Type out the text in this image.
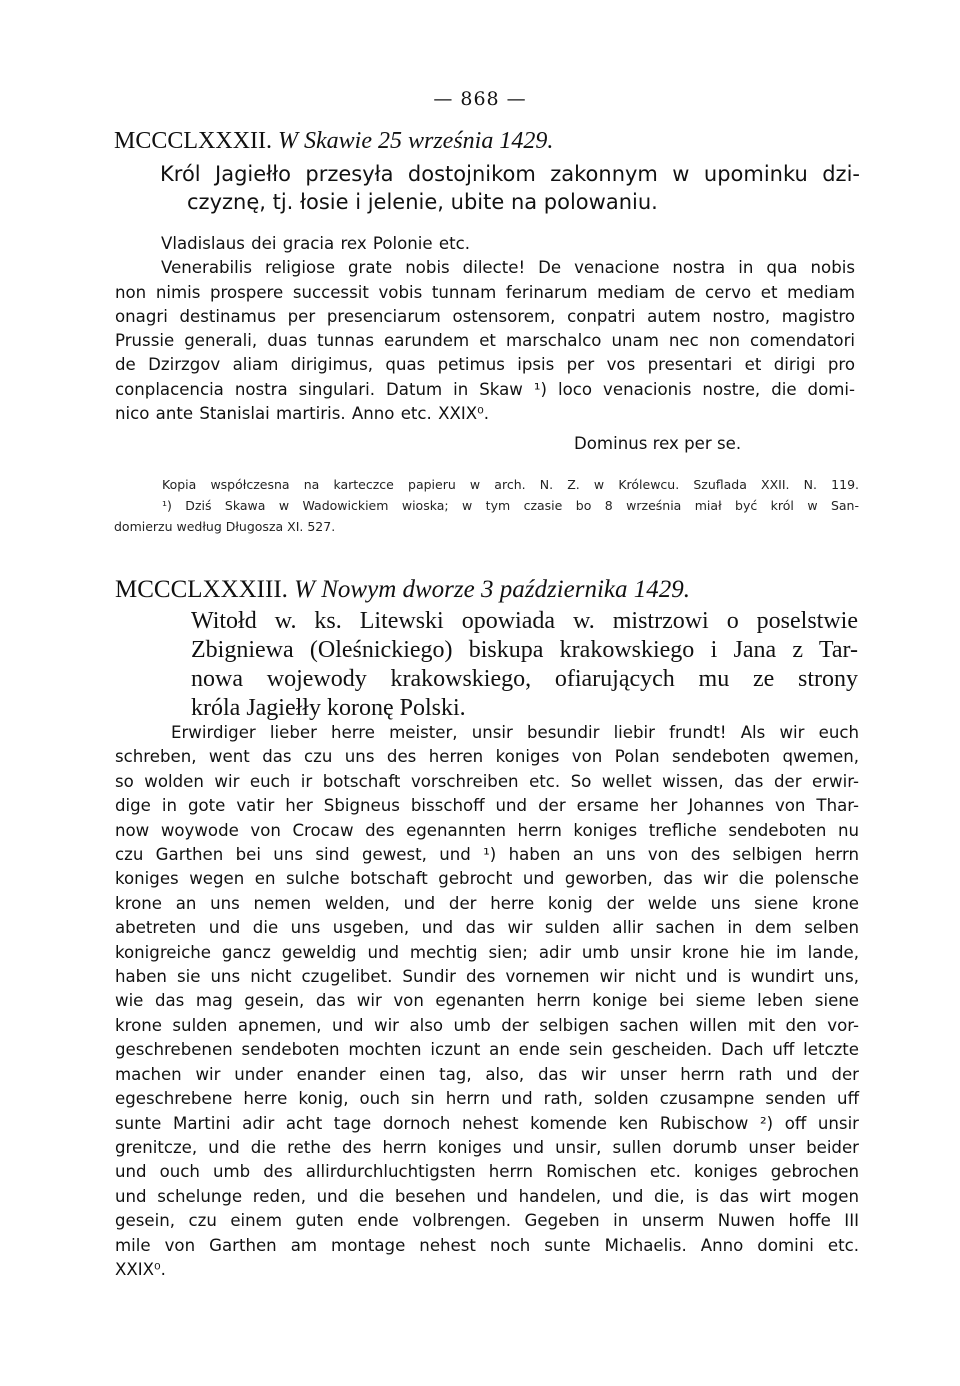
— 868 —
MCCCLXXXII. W Skawie 25 września 1429.
Król Jagiełło przesyła dostojnikom zakonnym w upominku dzi-
czyznę, tj. łosie i jelenie, ubite na polowaniu.
Vladislaus dei gracia rex Polonie etc.
Venerabilis religiose grate nobis dilecte! De venacione nostra in qua nobis
non nimis prospere successit vobis tunnam ferinarum mediam de cervo et mediam
onagri destinamus per presenciarum ostensorem, conpatri autem nostro, magistro
Prussie generali, duas tunnas earundem et marschalco unam nec non comendatori
de Dzirzgov aliam dirigimus, quas petimus ipsis per vos presentari et dirigi pro
conplacencia nostra singulari. Datum in Skaw ¹) loco venacionis nostre, die domi-
nico ante Stanislai martiris. Anno etc. XXIX⁰.
Dominus rex per se.
Kopia współczesna na karteczce papieru w arch. N. Z. w Królewcu. Szuflada XXII. N. 119.
¹) Dziś Skawa w Wadowickiem wioska; w tym czasie bo 8 września miał być król w San-
domierzu według Długosza XI. 527.
MCCCLXXXIII. W Nowym dworze 3 października 1429.
Witołd w. ks. Litewski opowiada w. mistrzowi o poselstwie
Zbigniewa (Oleśnickiego) biskupa krakowskiego i Jana z Tar-
nowa wojewody krakowskiego, ofiarujących mu ze strony
króla Jagiełły koronę Polski.
Erwirdiger lieber herre meister, unsir besundir liebir frundt! Als wir euch
schreben, went das czu uns des herren koniges von Polan sendeboten qwemen,
so wolden wir euch ir botschaft vorschreiben etc. So wellet wissen, das der erwir-
dige in gote vatir her Sbigneus bisschoff und der ersame her Johannes von Thar-
now woywode von Crocaw des egenannten herrn koniges trefliche sendeboten nu
czu Garthen bei uns sind gewest, und ¹) haben an uns von des selbigen herrn
koniges wegen en sulche botschaft gebrocht und geworben, das wir die polensche
krone an uns nemen welden, und der herre konig der welde uns siene krone
abetreten und die uns usgeben, und das wir sulden allir sachen in dem selben
konigreiche gancz geweldig und mechtig sien; adir umb unsir krone hie im lande,
haben sie uns nicht czugelibet. Sundir des vornemen wir nicht und is wundirt uns,
wie das mag gesein, das wir von egenanten herrn konige bei sieme leben siene
krone sulden apnemen, und wir also umb der selbigen sachen willen mit den vor-
geschrebenen sendeboten mochten iczunt an ende sein gescheiden. Dach uff letczte
machen wir under enander einen tag, also, das wir unser herrn rath und der
egeschrebene herre konig, ouch sin herrn und rath, solden czusampne senden uff
sunte Martini adir acht tage dornoch nehest komende ken Rubischow ²) off unsir
grenitcze, und die rethe des herrn koniges und unsir, sullen dorumb unser beider
und ouch umb des allirdurchluchtigsten herrn Romischen etc. koniges gebrochen
und schelunge reden, und die besehen und handelen, und die, is das wirt mogen
gesein, czu einem guten ende volbrengen. Gegeben in unserm Nuwen hoffe III
mile von Garthen am montage nehest noch sunte Michaelis. Anno domini etc.
XXIX⁰.
